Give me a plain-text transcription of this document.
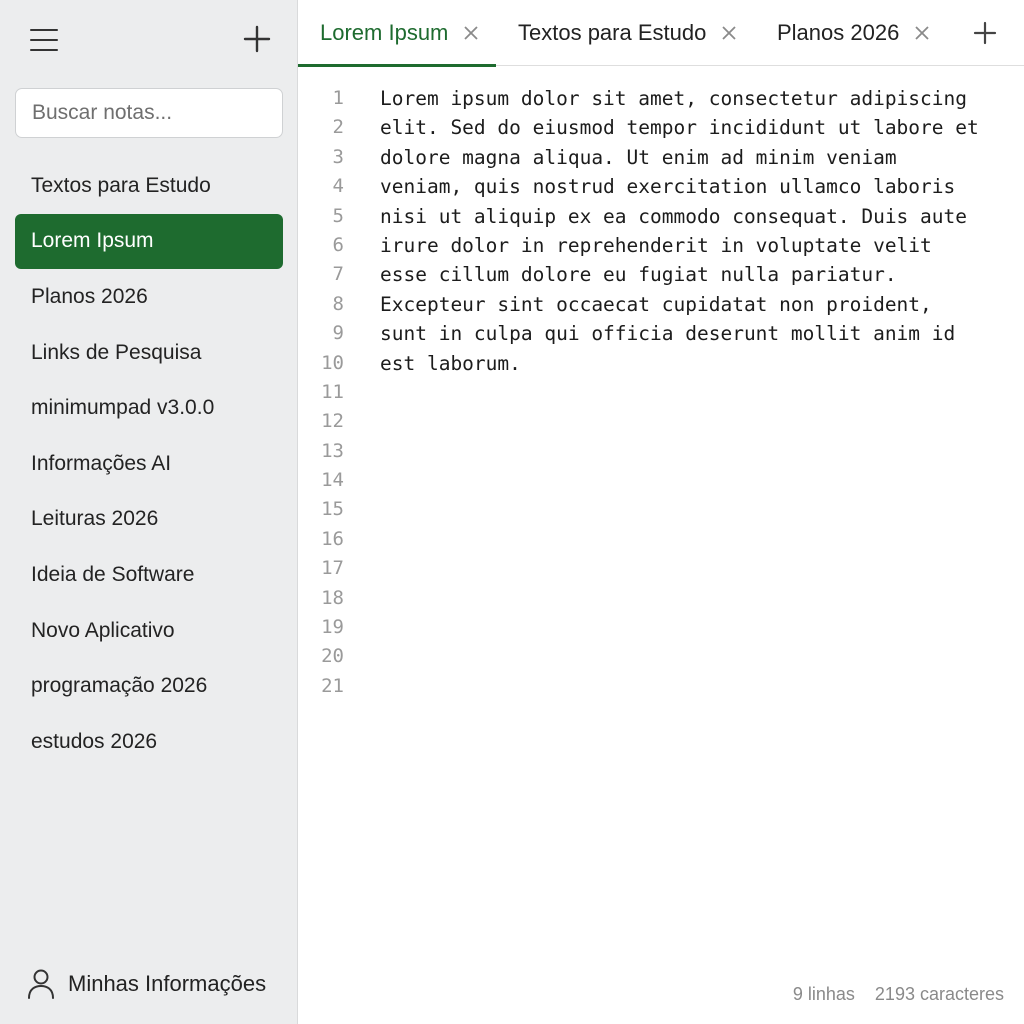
Buscar notas...
Textos para Estudo
Lorem Ipsum
Planos 2026
Links de Pesquisa
minimumpad v3.0.0
Informações AI
Leituras 2026
Ideia de Software
Novo Aplicativo
programação 2026
estudos 2026
Minhas Informações
Lorem Ipsum	Textos para Estudo	Planos 2026
1
2
3
4
5
6
7
8
9
10
11
12
13
14
15
16
17
18
19
20
21
Lorem ipsum dolor sit amet, consectetur adipiscing
elit. Sed do eiusmod tempor incididunt ut labore et
dolore magna aliqua. Ut enim ad minim veniam
veniam, quis nostrud exercitation ullamco laboris
nisi ut aliquip ex ea commodo consequat. Duis aute
irure dolor in reprehenderit in voluptate velit
esse cillum dolore eu fugiat nulla pariatur.
Excepteur sint occaecat cupidatat non proident,
sunt in culpa qui officia deserunt mollit anim id
est laborum.
9 linhas 2193 caracteres
